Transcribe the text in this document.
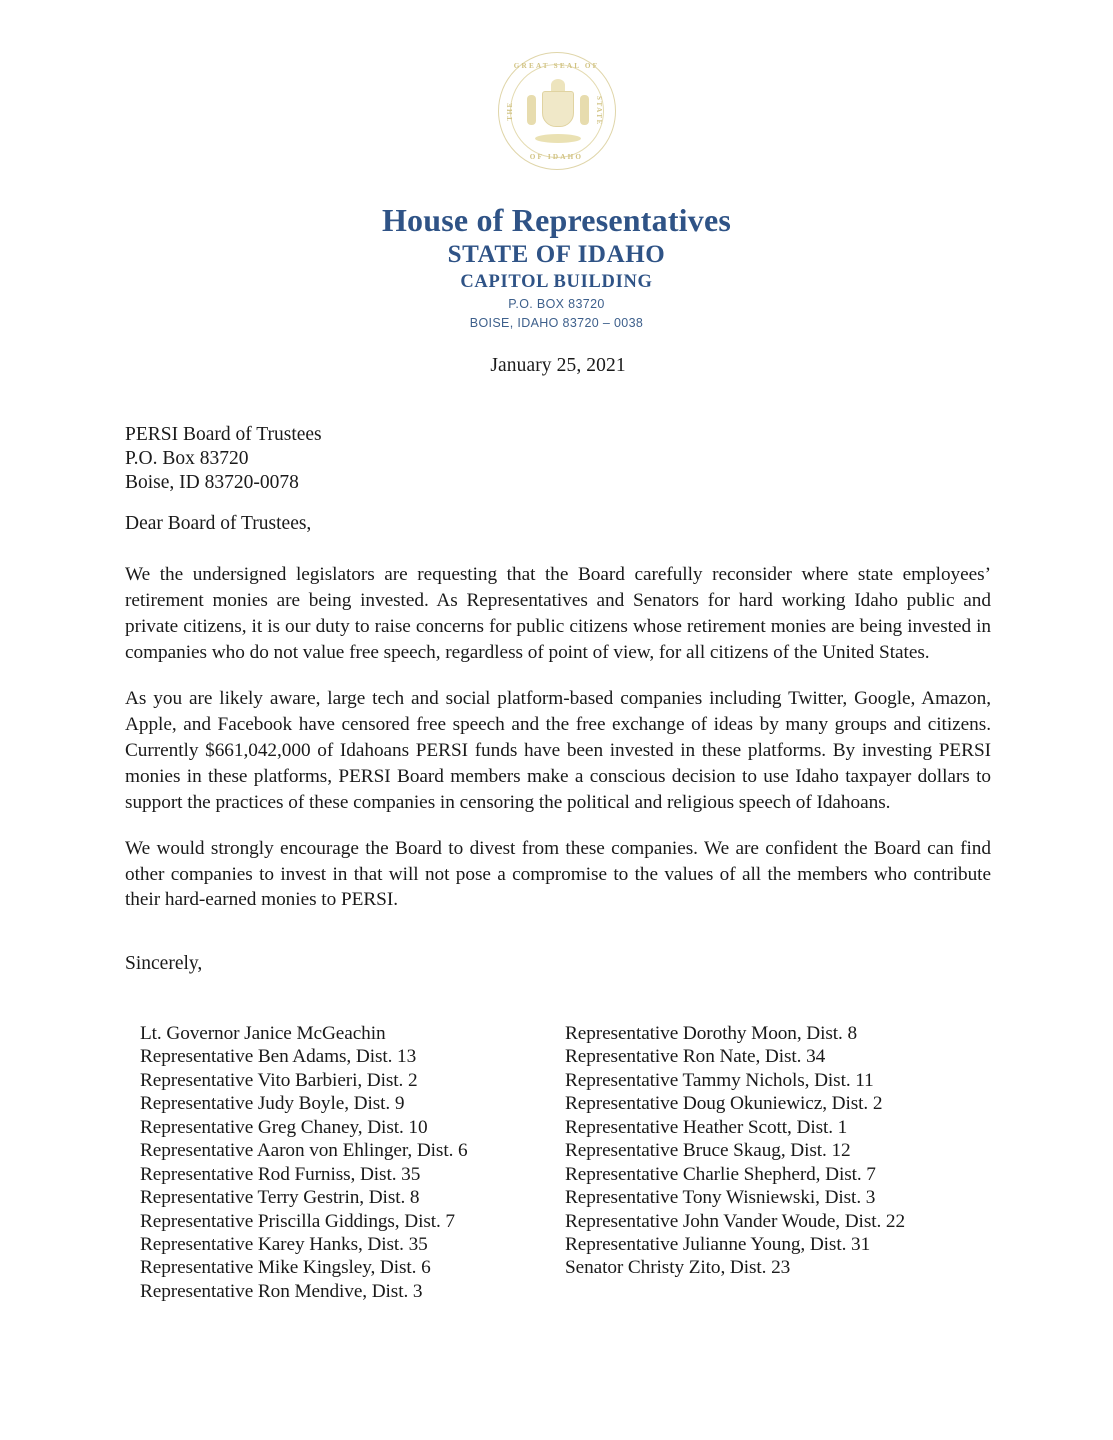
GREAT SEAL OF
OF IDAHO
THE	STATE
House of Representatives
STATE OF IDAHO
CAPITOL BUILDING
P.O. BOX 83720
BOISE, IDAHO 83720 – 0038
January 25, 2021
PERSI Board of Trustees
P.O. Box 83720
Boise, ID 83720-0078
Dear Board of Trustees,

We the undersigned legislators are requesting that the Board carefully reconsider where state employees’ retirement monies are being invested. As Representatives and Senators for hard working Idaho public and private citizens, it is our duty to raise concerns for public citizens whose retirement monies are being invested in companies who do not value free speech, regardless of point of view, for all citizens of the United States.

As you are likely aware, large tech and social platform-based companies including Twitter, Google, Amazon, Apple, and Facebook have censored free speech and the free exchange of ideas by many groups and citizens. Currently $661,042,000 of Idahoans PERSI funds have been invested in these platforms. By investing PERSI monies in these platforms, PERSI Board members make a conscious decision to use Idaho taxpayer dollars to support the practices of these companies in censoring the political and religious speech of Idahoans.

We would strongly encourage the Board to divest from these companies. We are confident the Board can find other companies to invest in that will not pose a compromise to the values of all the members who contribute their hard-earned monies to PERSI.

Sincerely,
Lt. Governor Janice McGeachin
Representative Ben Adams, Dist. 13
Representative Vito Barbieri, Dist. 2
Representative Judy Boyle, Dist. 9
Representative Greg Chaney, Dist. 10
Representative Aaron von Ehlinger, Dist. 6
Representative Rod Furniss, Dist. 35
Representative Terry Gestrin, Dist. 8
Representative Priscilla Giddings, Dist. 7
Representative Karey Hanks, Dist. 35
Representative Mike Kingsley, Dist. 6
Representative Ron Mendive, Dist. 3
Representative Dorothy Moon, Dist. 8
Representative Ron Nate, Dist. 34
Representative Tammy Nichols, Dist. 11
Representative Doug Okuniewicz, Dist. 2
Representative Heather Scott, Dist. 1
Representative Bruce Skaug, Dist. 12
Representative Charlie Shepherd, Dist. 7
Representative Tony Wisniewski, Dist. 3
Representative John Vander Woude, Dist. 22
Representative Julianne Young, Dist. 31
Senator Christy Zito, Dist. 23
